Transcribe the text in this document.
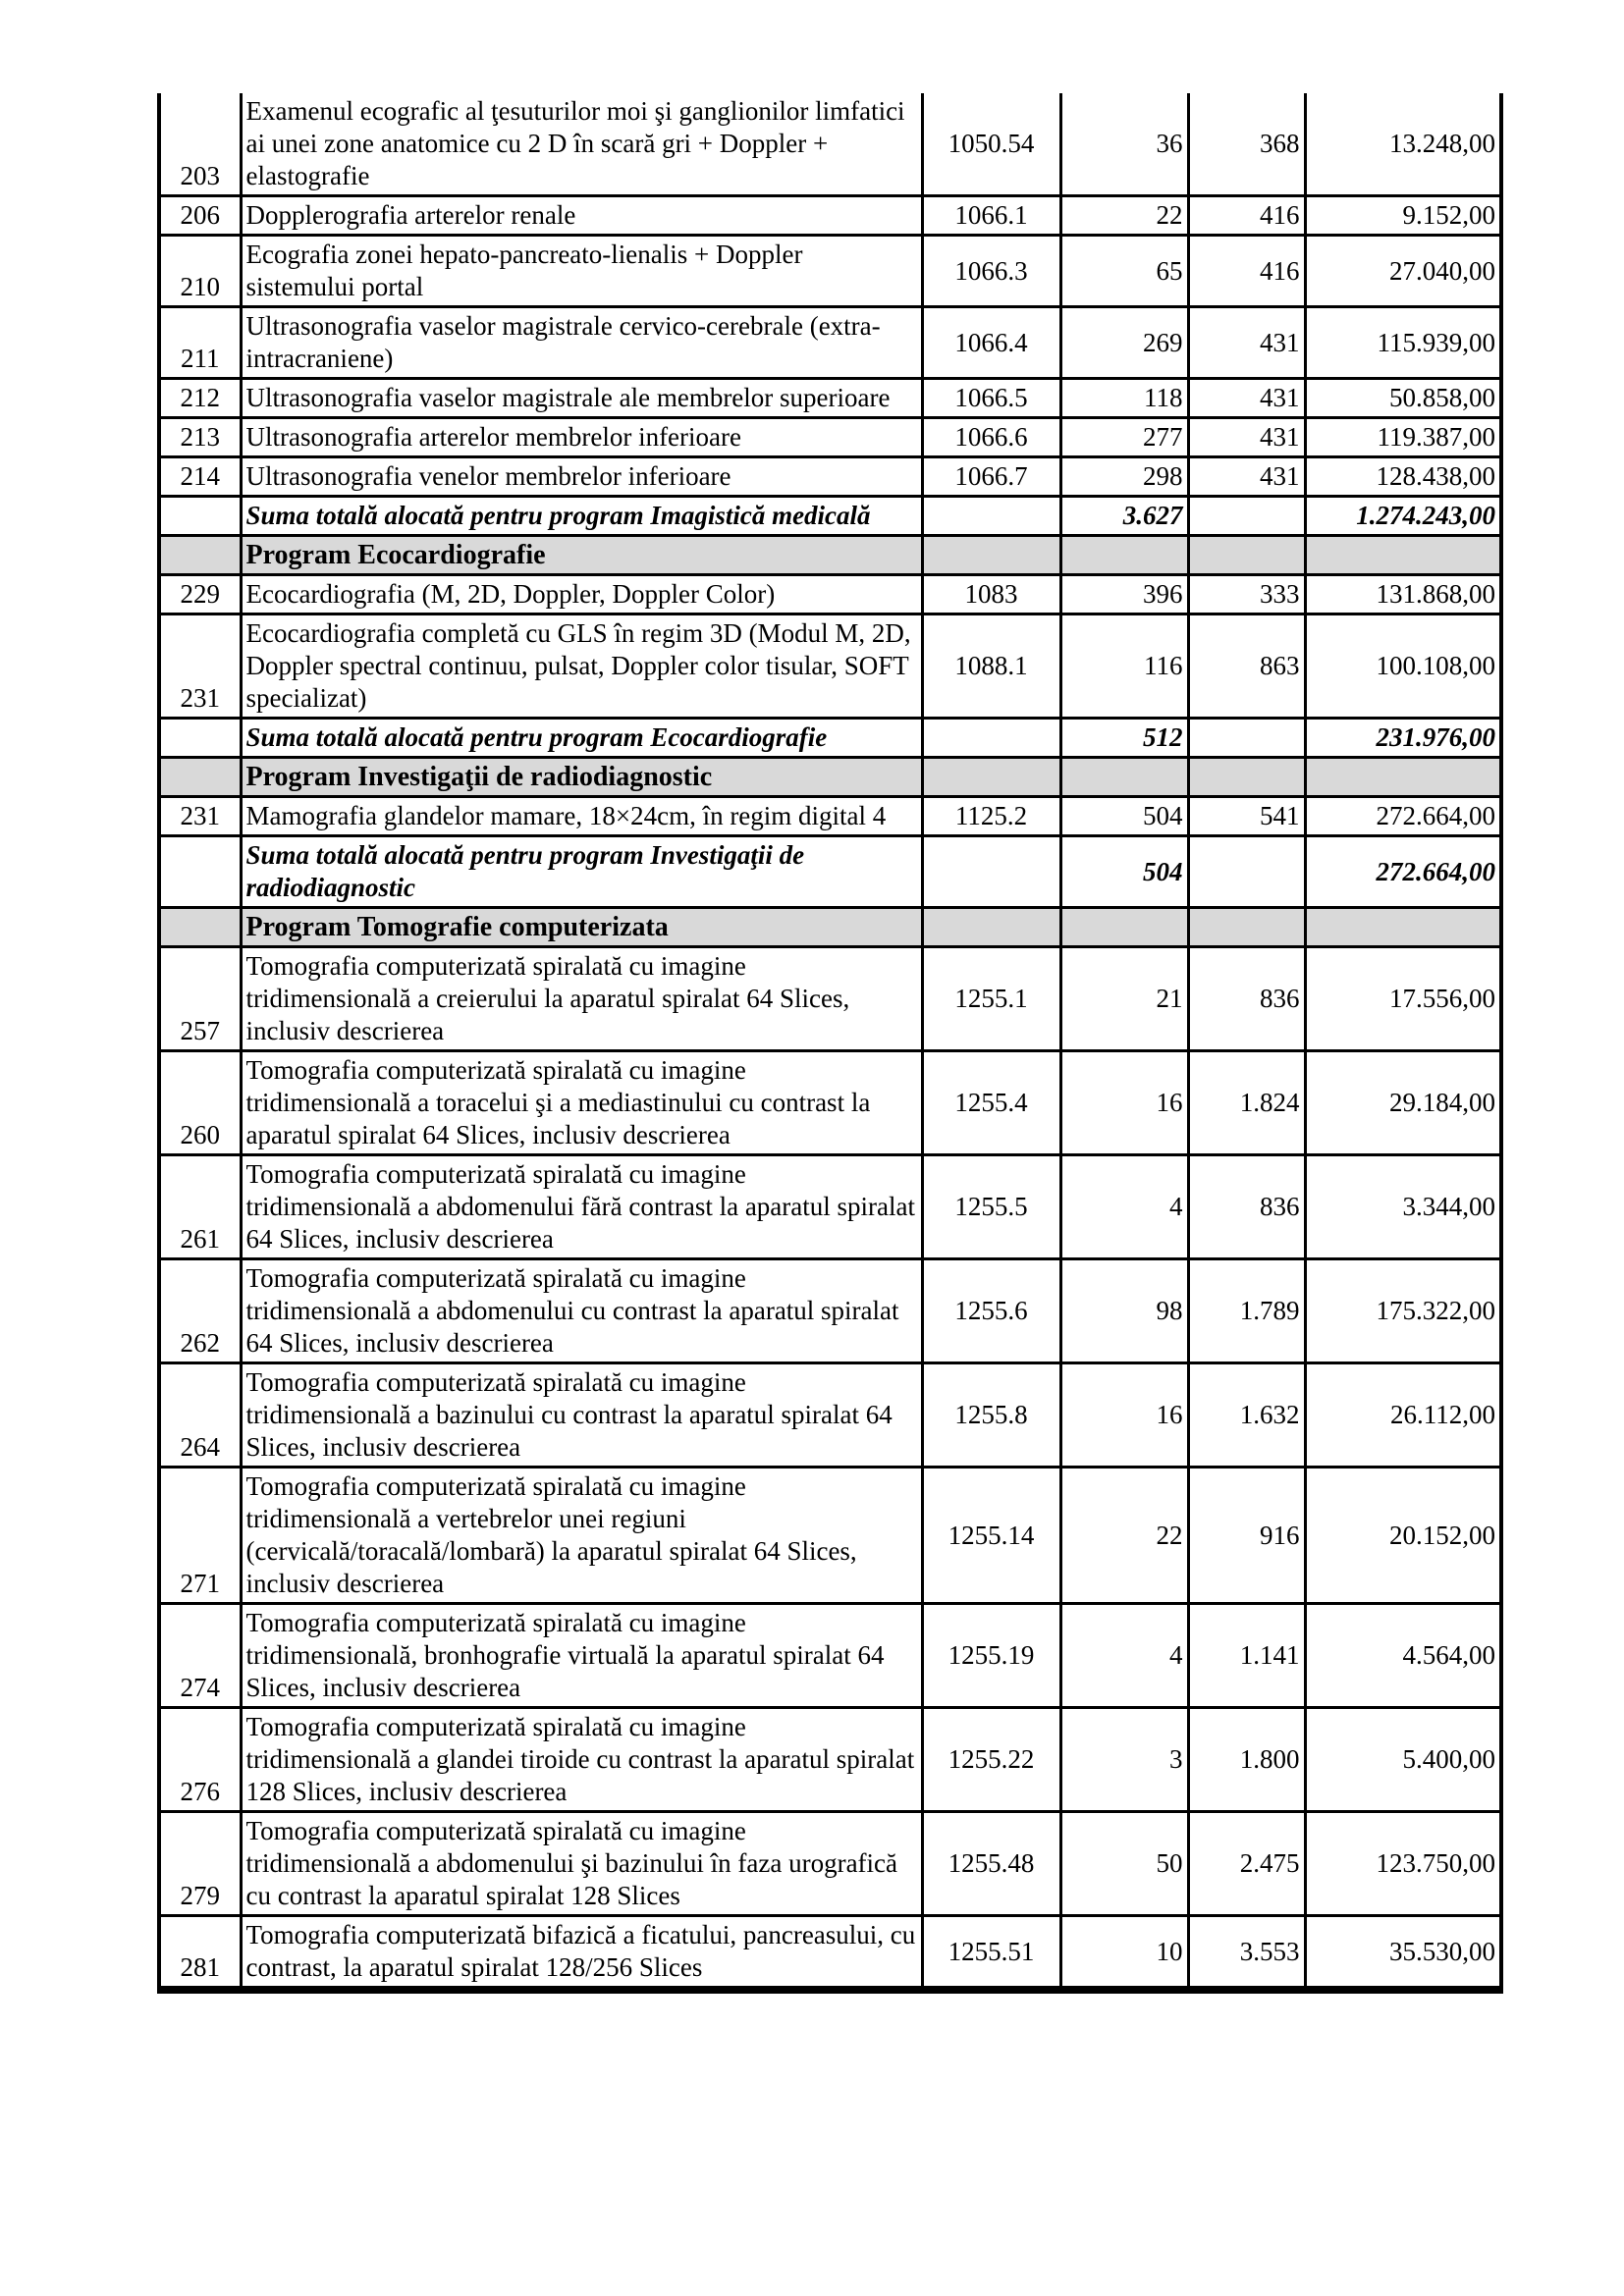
203	Examenul ecografic al ţesuturilor moi şi ganglionilor limfatici ai unei zone anatomice cu 2 D în scară gri + Doppler + elastografie	1050.54	36	368	13.248,00
206	Dopplerografia arterelor renale	1066.1	22	416	9.152,00
210	Ecografia zonei hepato-pancreato-lienalis + Doppler sistemului portal	1066.3	65	416	27.040,00
211	Ultrasonografia vaselor magistrale cervico-cerebrale (extra-intracraniene)	1066.4	269	431	115.939,00
212	Ultrasonografia vaselor magistrale ale membrelor superioare	1066.5	118	431	50.858,00
213	Ultrasonografia arterelor membrelor inferioare	1066.6	277	431	119.387,00
214	Ultrasonografia venelor membrelor inferioare	1066.7	298	431	128.438,00
	Suma totală alocată pentru program Imagistică medicală		3.627		1.274.243,00
	Program Ecocardiografie				
229	Ecocardiografia (M, 2D, Doppler, Doppler Color)	1083	396	333	131.868,00
231	Ecocardiografia completă cu GLS în regim 3D (Modul M, 2D, Doppler spectral continuu, pulsat, Doppler color tisular, SOFT specializat)	1088.1	116	863	100.108,00
	Suma totală alocată pentru program Ecocardiografie		512		231.976,00
	Program Investigaţii de radiodiagnostic				
231	Mamografia glandelor mamare, 18×24cm, în regim digital 4	1125.2	504	541	272.664,00
	Suma totală alocată pentru program Investigaţii de radiodiagnostic		504		272.664,00
	Program Tomografie computerizata				
257	Tomografia computerizată spiralată cu imagine tridimensională a creierului la aparatul spiralat 64 Slices, inclusiv descrierea	1255.1	21	836	17.556,00
260	Tomografia computerizată spiralată cu imagine tridimensională a toracelui şi a mediastinului cu contrast la aparatul spiralat 64 Slices, inclusiv descrierea	1255.4	16	1.824	29.184,00
261	Tomografia computerizată spiralată cu imagine tridimensională a abdomenului fără contrast la aparatul spiralat 64 Slices, inclusiv descrierea	1255.5	4	836	3.344,00
262	Tomografia computerizată spiralată cu imagine tridimensională a abdomenului cu contrast la aparatul spiralat 64 Slices, inclusiv descrierea	1255.6	98	1.789	175.322,00
264	Tomografia computerizată spiralată cu imagine tridimensională a bazinului cu contrast la aparatul spiralat 64 Slices, inclusiv descrierea	1255.8	16	1.632	26.112,00
271	Tomografia computerizată spiralată cu imagine tridimensională a vertebrelor unei regiuni (cervicală/toracală/lombară) la aparatul spiralat 64 Slices, inclusiv descrierea	1255.14	22	916	20.152,00
274	Tomografia computerizată spiralată cu imagine tridimensională, bronhografie virtuală la aparatul spiralat 64 Slices, inclusiv descrierea	1255.19	4	1.141	4.564,00
276	Tomografia computerizată spiralată cu imagine tridimensională a glandei tiroide cu contrast la aparatul spiralat 128 Slices, inclusiv descrierea	1255.22	3	1.800	5.400,00
279	Tomografia computerizată spiralată cu imagine tridimensională a abdomenului şi bazinului în faza urografică cu contrast la aparatul spiralat 128 Slices	1255.48	50	2.475	123.750,00
281	Tomografia computerizată bifazică a ficatului, pancreasului, cu contrast, la aparatul spiralat 128/256 Slices	1255.51	10	3.553	35.530,00
